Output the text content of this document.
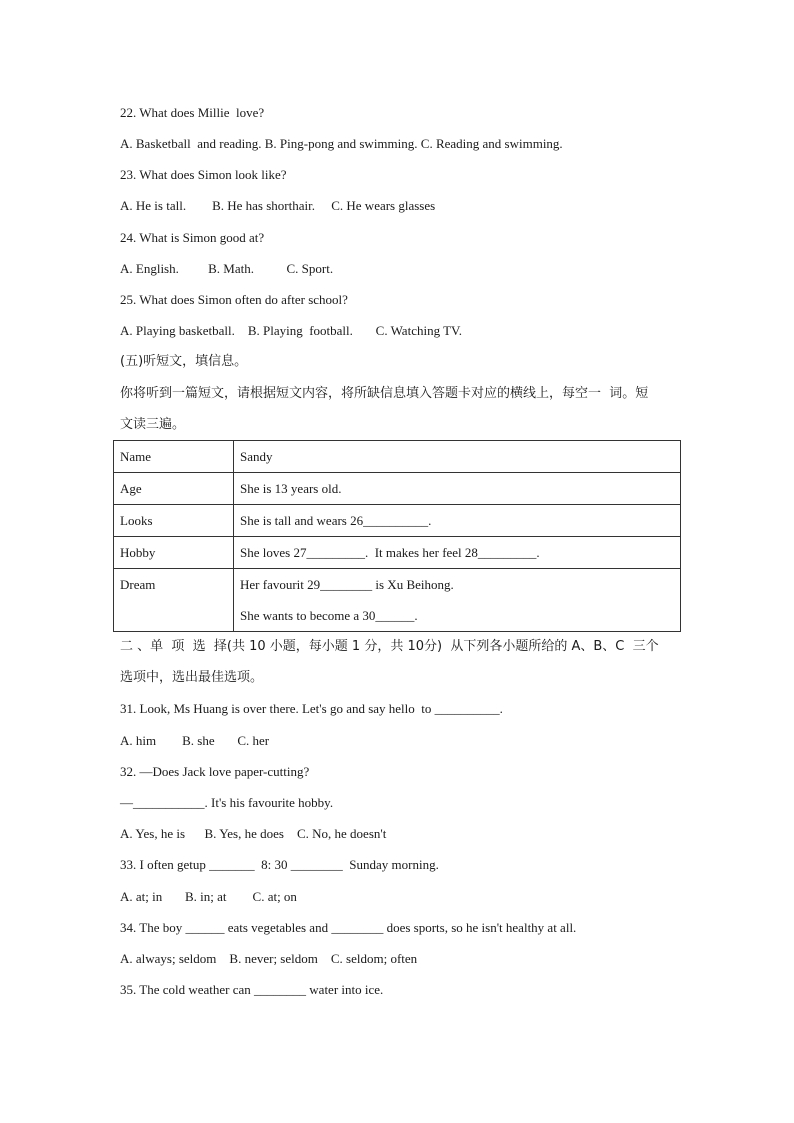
22. What does Millie  love?
A. Basketball  and reading. B. Ping-pong and swimming. C. Reading and swimming.
23. What does Simon look like?
A. He is tall.        B. He has shorthair.     C. He wears glasses
24. What is Simon good at?
A. English.         B. Math.          C. Sport.
25. What does Simon often do after school?
A. Playing basketball.    B. Playing  football.       C. Watching TV.
(五)听短文，填信息。
你将听到一篇短文，请根据短文内容，将所缺信息填入答题卡对应的横线上，每空一  词。短
文读三遍。
Name	Sandy
Age	She is 13 years old.
Looks	She is tall and wears 26__________.
Hobby	She loves 27_________.  It makes her feel 28_________.
Dream	Her favourit 29________ is Xu Beihong.
She wants to become a 30______.
二 、单  项  选  择(共 10 小题，每小题 1 分，共 10分)  从下列各小题所给的 A、B、C  三个
选项中，选出最佳选项。
31. Look, Ms Huang is over there. Let's go and say hello  to __________.
A. him        B. she       C. her
32. —Does Jack love paper-cutting?
—___________. It's his favourite hobby.
A. Yes, he is      B. Yes, he does    C. No, he doesn't
33. I often getup _______  8: 30 ________  Sunday morning.
A. at; in       B. in; at        C. at; on
34. The boy ______ eats vegetables and ________ does sports, so he isn't healthy at all.
A. always; seldom    B. never; seldom    C. seldom; often
35. The cold weather can ________ water into ice.
